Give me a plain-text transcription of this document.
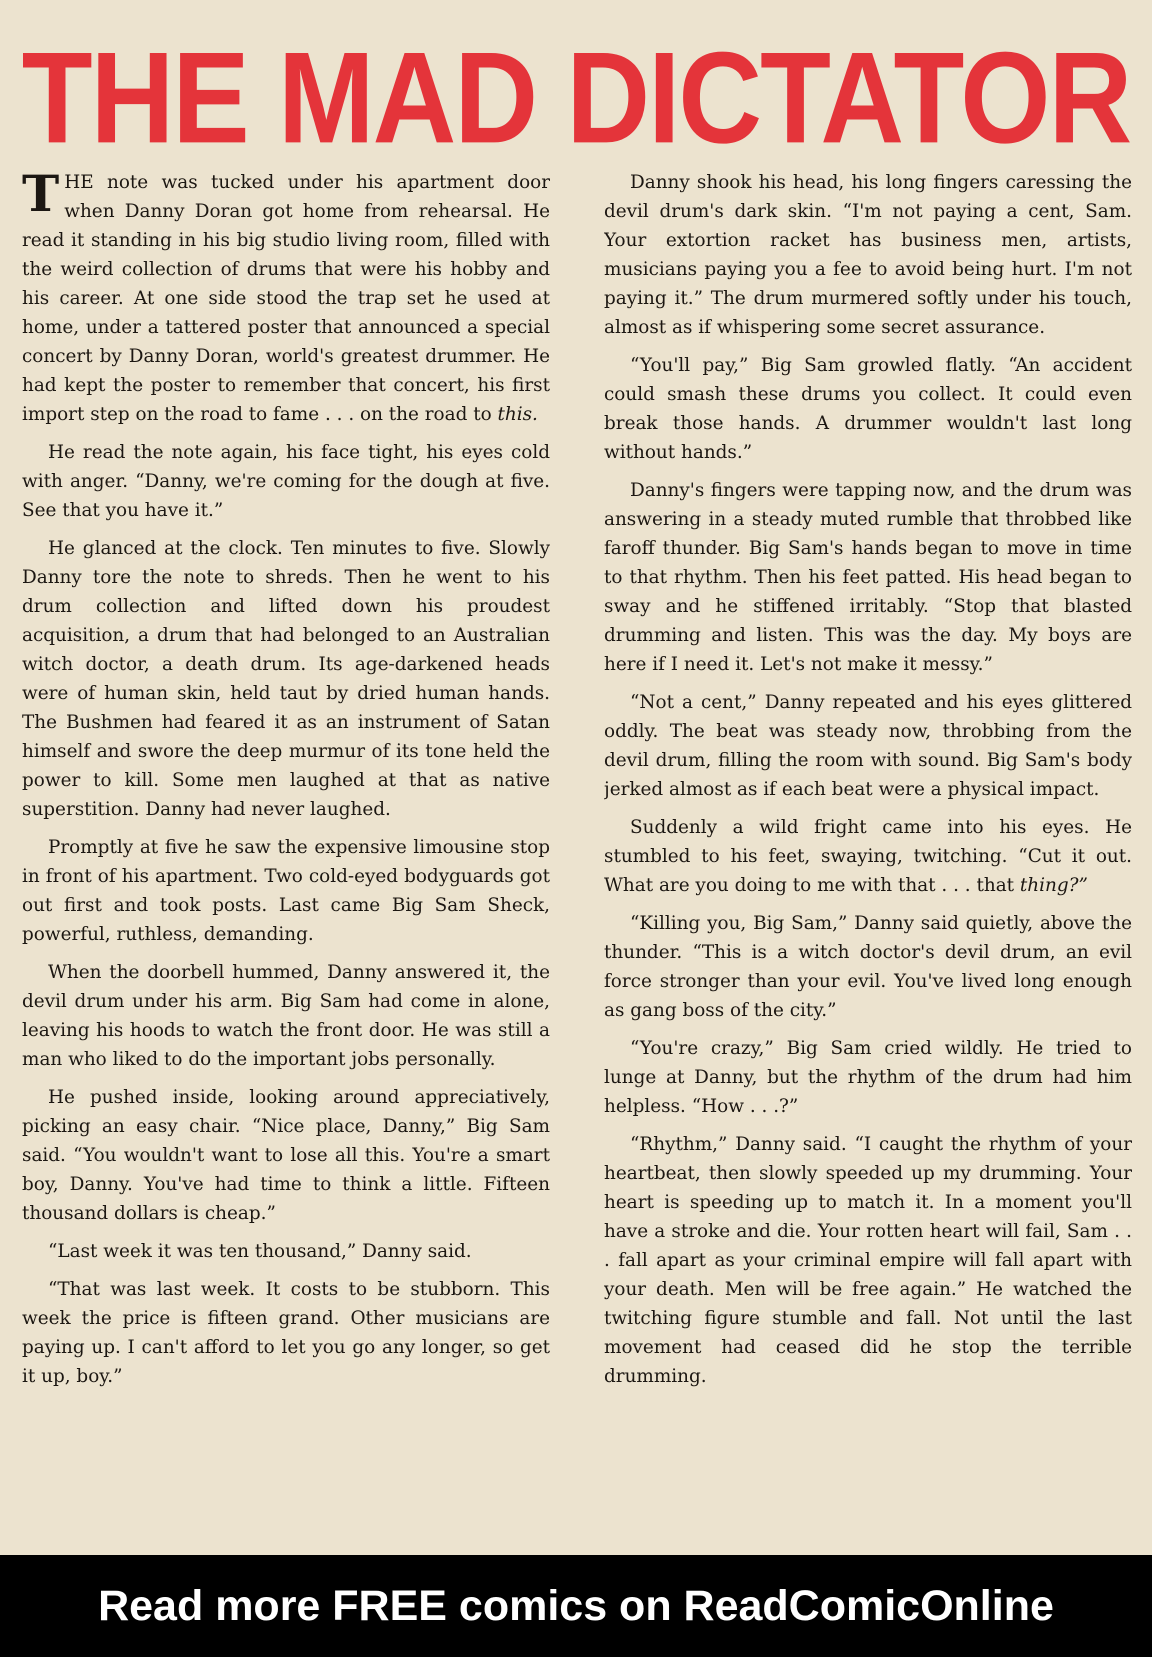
THE MAD DICTATOR

THE note was tucked under his apartment door when Danny Doran got home from rehearsal. He read it standing in his big studio living room, filled with the weird collection of drums that were his hobby and his career. At one side stood the trap set he used at home, under a tattered poster that announced a special concert by Danny Doran, world's greatest drummer. He had kept the poster to remember that concert, his first import step on the road to fame . . . on the road to this.

He read the note again, his face tight, his eyes cold with anger. “Danny, we're coming for the dough at five. See that you have it.”

He glanced at the clock. Ten minutes to five. Slowly Danny tore the note to shreds. Then he went to his drum collection and lifted down his proudest acquisition, a drum that had belonged to an Australian witch doctor, a death drum. Its age-darkened heads were of human skin, held taut by dried human hands. The Bushmen had feared it as an instrument of Satan himself and swore the deep murmur of its tone held the power to kill. Some men laughed at that as native superstition. Danny had never laughed.

Promptly at five he saw the expensive limousine stop in front of his apartment. Two cold-eyed bodyguards got out first and took posts. Last came Big Sam Sheck, powerful, ruthless, demanding.

When the doorbell hummed, Danny answered it, the devil drum under his arm. Big Sam had come in alone, leaving his hoods to watch the front door. He was still a man who liked to do the important jobs personally.

He pushed inside, looking around appreciatively, picking an easy chair. “Nice place, Danny,” Big Sam said. “You wouldn't want to lose all this. You're a smart boy, Danny. You've had time to think a little. Fifteen thousand dollars is cheap.”

“Last week it was ten thousand,” Danny said.

“That was last week. It costs to be stubborn. This week the price is fifteen grand. Other musicians are paying up. I can't afford to let you go any longer, so get it up, boy.”

Danny shook his head, his long fingers caressing the devil drum's dark skin. “I'm not paying a cent, Sam. Your extortion racket has business men, artists, musicians paying you a fee to avoid being hurt. I'm not paying it.” The drum murmered softly under his touch, almost as if whispering some secret assurance.

“You'll pay,” Big Sam growled flatly. “An accident could smash these drums you collect. It could even break those hands. A drummer wouldn't last long without hands.”

Danny's fingers were tapping now, and the drum was answering in a steady muted rumble that throbbed like faroff thunder. Big Sam's hands began to move in time to that rhythm. Then his feet patted. His head began to sway and he stiffened irritably. “Stop that blasted drumming and listen. This was the day. My boys are here if I need it. Let's not make it messy.”

“Not a cent,” Danny repeated and his eyes glittered oddly. The beat was steady now, throbbing from the devil drum, filling the room with sound. Big Sam's body jerked almost as if each beat were a physical impact.

Suddenly a wild fright came into his eyes. He stumbled to his feet, swaying, twitching. “Cut it out. What are you doing to me with that . . . that thing?”

“Killing you, Big Sam,” Danny said quietly, above the thunder. “This is a witch doctor's devil drum, an evil force stronger than your evil. You've lived long enough as gang boss of the city.”

“You're crazy,” Big Sam cried wildly. He tried to lunge at Danny, but the rhythm of the drum had him helpless. “How . . .?”

“Rhythm,” Danny said. “I caught the rhythm of your heartbeat, then slowly speeded up my drumming. Your heart is speeding up to match it. In a moment you'll have a stroke and die. Your rotten heart will fail, Sam . . . fall apart as your criminal empire will fall apart with your death. Men will be free again.” He watched the twitching figure stumble and fall. Not until the last movement had ceased did he stop the terrible drumming.

Read more FREE comics on ReadComicOnline
